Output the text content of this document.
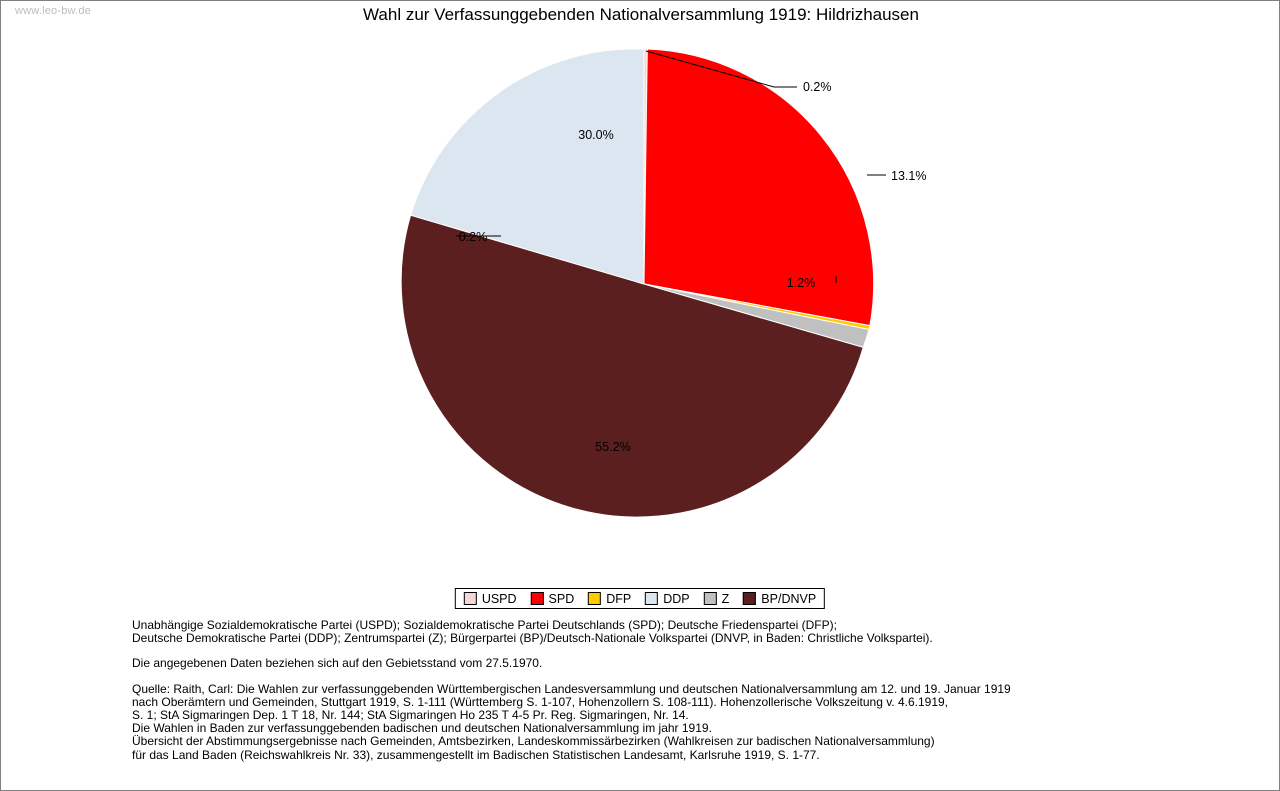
www.leo-bw.de	Wahl zur Verfassunggebenden Nationalversammlung 1919: Hildrizhausen
0.2%
13.1%
0.2%
30.0%
1.2%
55.2%
USPD	SPD	DFP	DDP	Z	BP/DNVP
Unabhängige Sozialdemokratische Partei (USPD); Sozialdemokratische Partei Deutschlands (SPD); Deutsche Friedenspartei (DFP);
Deutsche Demokratische Partei (DDP); Zentrumspartei (Z); Bürgerpartei (BP)/Deutsch-Nationale Volkspartei (DNVP, in Baden: Christliche Volkspartei).
Die angegebenen Daten beziehen sich auf den Gebietsstand vom 27.5.1970.
Quelle: Raith, Carl: Die Wahlen zur verfassunggebenden Württembergischen Landesversammlung und deutschen Nationalversammlung am 12. und 19. Januar 1919
nach Oberämtern und Gemeinden, Stuttgart 1919, S. 1-111 (Württemberg S. 1-107, Hohenzollern S. 108-111). Hohenzollerische Volkszeitung v. 4.6.1919,
S. 1; StA Sigmaringen Dep. 1 T 18, Nr. 144; StA Sigmaringen Ho 235 T 4-5 Pr. Reg. Sigmaringen, Nr. 14.
Die Wahlen in Baden zur verfassunggebenden badischen und deutschen Nationalversammlung im jahr 1919.
Übersicht der Abstimmungsergebnisse nach Gemeinden, Amtsbezirken, Landeskommissärbezirken (Wahlkreisen zur badischen Nationalversammlung)
für das Land Baden (Reichswahlkreis Nr. 33), zusammengestellt im Badischen Statistischen Landesamt, Karlsruhe 1919, S. 1-77.
